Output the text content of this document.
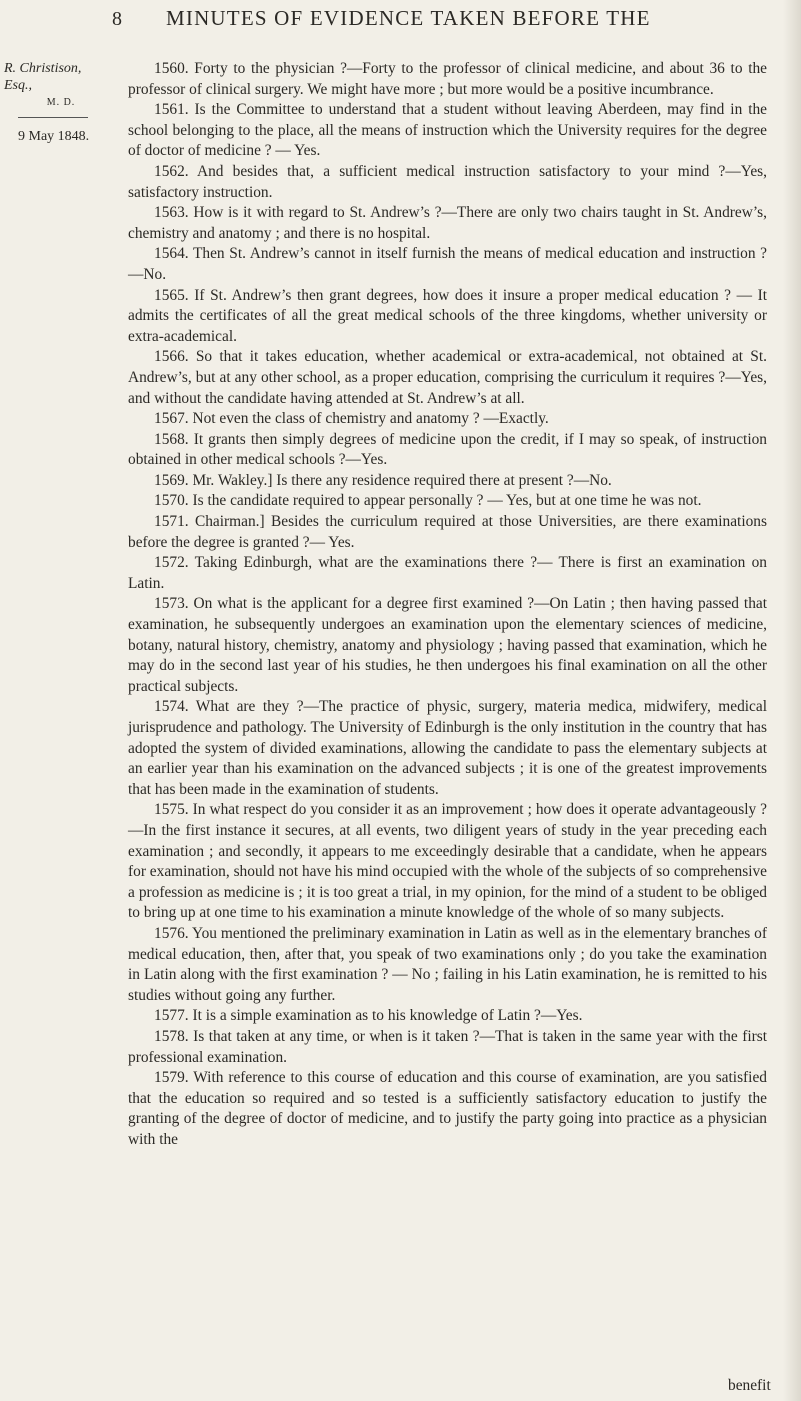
8 MINUTES OF EVIDENCE TAKEN BEFORE THE
R. Christison, Esq.,
M. D.
9 May 1848.

1560. Forty to the physician ?—Forty to the professor of clinical medicine, and about 36 to the professor of clinical surgery. We might have more ; but more would be a positive incumbrance.

1561. Is the Committee to understand that a student without leaving Aberdeen, may find in the school belonging to the place, all the means of instruction which the University requires for the degree of doctor of medicine ? — Yes.

1562. And besides that, a sufficient medical instruction satisfactory to your mind ?—Yes, satisfactory instruction.

1563. How is it with regard to St. Andrew’s ?—There are only two chairs taught in St. Andrew’s, chemistry and anatomy ; and there is no hospital.

1564. Then St. Andrew’s cannot in itself furnish the means of medical education and instruction ?—No.

1565. If St. Andrew’s then grant degrees, how does it insure a proper medical education ? — It admits the certificates of all the great medical schools of the three kingdoms, whether university or extra-academical.

1566. So that it takes education, whether academical or extra-academical, not obtained at St. Andrew’s, but at any other school, as a proper education, comprising the curriculum it requires ?—Yes, and without the candidate having attended at St. Andrew’s at all.

1567. Not even the class of chemistry and anatomy ? —Exactly.

1568. It grants then simply degrees of medicine upon the credit, if I may so speak, of instruction obtained in other medical schools ?—Yes.

1569. Mr. Wakley.] Is there any residence required there at present ?—No.

1570. Is the candidate required to appear personally ? — Yes, but at one time he was not.

1571. Chairman.] Besides the curriculum required at those Universities, are there examinations before the degree is granted ?— Yes.

1572. Taking Edinburgh, what are the examinations there ?— There is first an examination on Latin.

1573. On what is the applicant for a degree first examined ?—On Latin ; then having passed that examination, he subsequently undergoes an examination upon the elementary sciences of medicine, botany, natural history, chemistry, anatomy and physiology ; having passed that examination, which he may do in the second last year of his studies, he then undergoes his final examination on all the other practical subjects.

1574. What are they ?—The practice of physic, surgery, materia medica, midwifery, medical jurisprudence and pathology. The University of Edinburgh is the only institution in the country that has adopted the system of divided examinations, allowing the candidate to pass the elementary subjects at an earlier year than his examination on the advanced subjects ; it is one of the greatest improvements that has been made in the examination of students.

1575. In what respect do you consider it as an improvement ; how does it operate advantageously ?—In the first instance it secures, at all events, two diligent years of study in the year preceding each examination ; and secondly, it appears to me exceedingly desirable that a candidate, when he appears for examination, should not have his mind occupied with the whole of the subjects of so comprehensive a profession as medicine is ; it is too great a trial, in my opinion, for the mind of a student to be obliged to bring up at one time to his examination a minute knowledge of the whole of so many subjects.

1576. You mentioned the preliminary examination in Latin as well as in the elementary branches of medical education, then, after that, you speak of two examinations only ; do you take the examination in Latin along with the first examination ? — No ; failing in his Latin examination, he is remitted to his studies without going any further.

1577. It is a simple examination as to his knowledge of Latin ?—Yes.

1578. Is that taken at any time, or when is it taken ?—That is taken in the same year with the first professional examination.

1579. With reference to this course of education and this course of examination, are you satisfied that the education so required and so tested is a sufficiently satisfactory education to justify the granting of the degree of doctor of medicine, and to justify the party going into practice as a physician with the

benefit
